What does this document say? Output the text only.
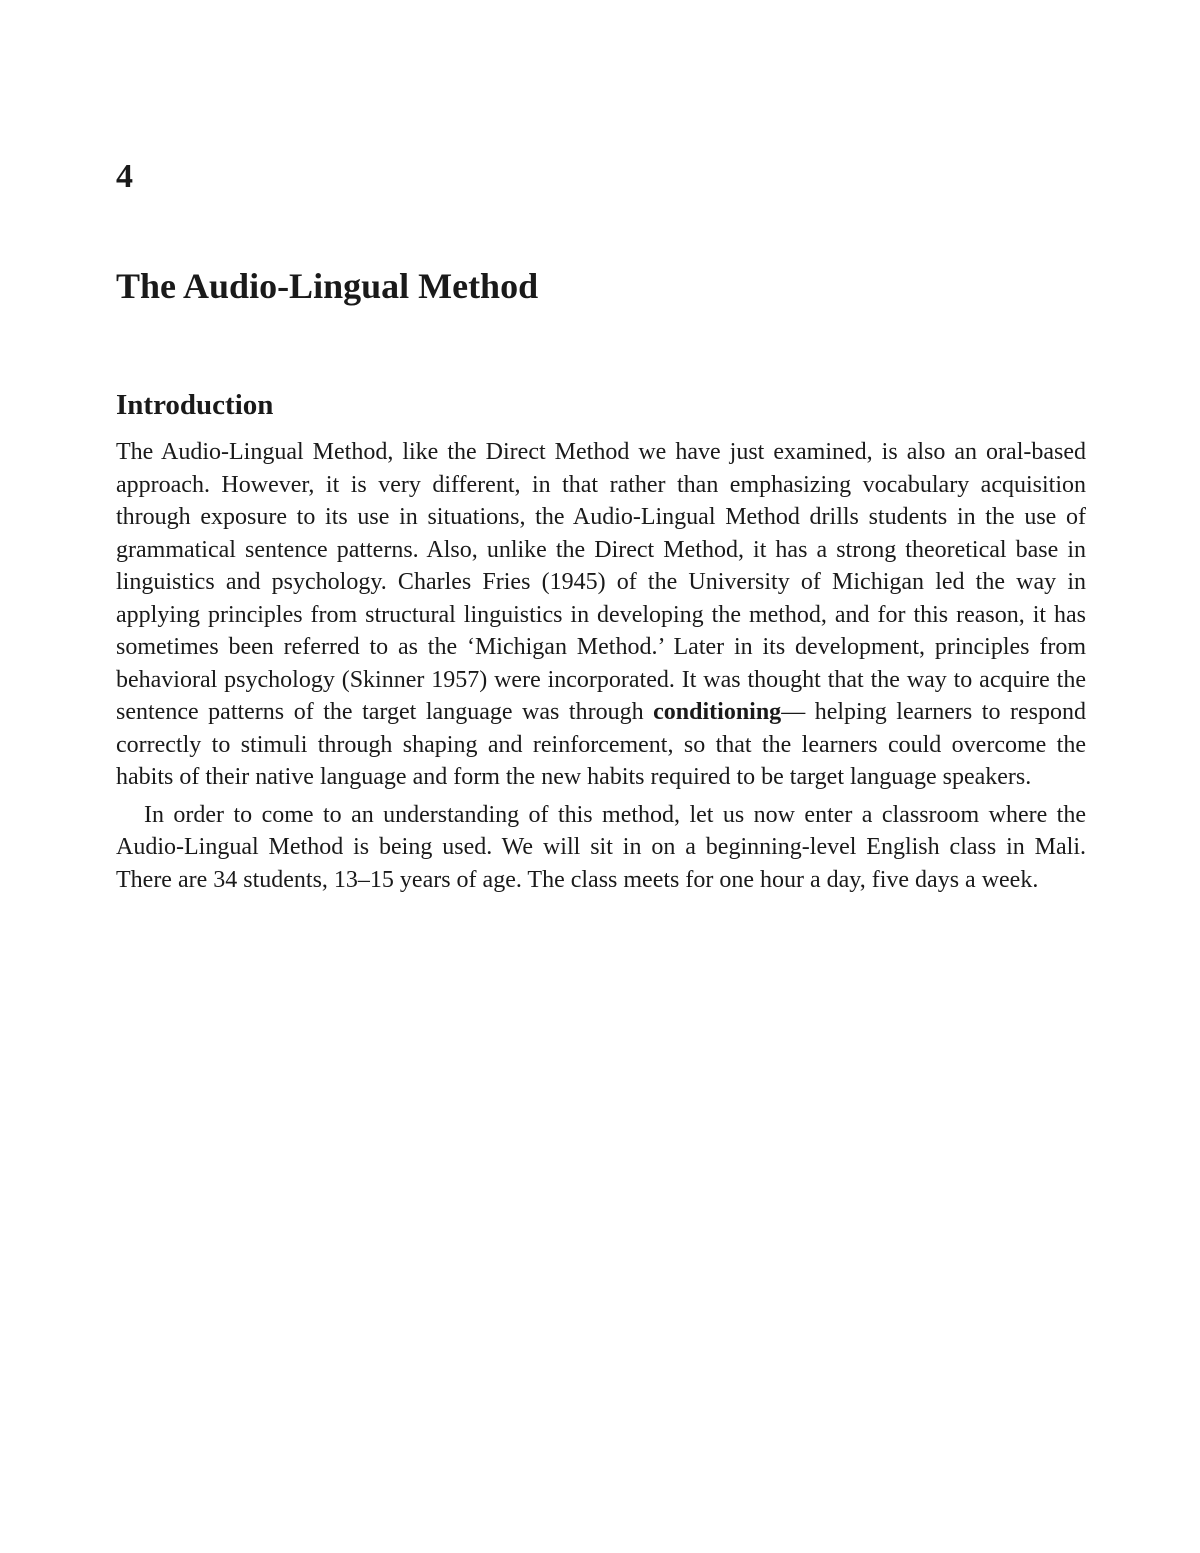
4
The Audio-Lingual Method
Introduction

The Audio-Lingual Method, like the Direct Method we have just examined, is also an oral-based approach. However, it is very different, in that rather than emphasizing vocabulary acquisition through exposure to its use in situations, the Audio-Lingual Method drills students in the use of grammatical sentence patterns. Also, unlike the Direct Method, it has a strong theoretical base in linguistics and psychology. Charles Fries (1945) of the University of Michigan led the way in applying principles from structural linguistics in developing the method, and for this reason, it has sometimes been referred to as the ‘Michigan Method.’ Later in its development, principles from behavioral psychology (Skinner 1957) were incorporated. It was thought that the way to acquire the sentence patterns of the target language was through conditioning— helping learners to respond correctly to stimuli through shaping and reinforcement, so that the learners could overcome the habits of their native language and form the new habits required to be target language speakers.

In order to come to an understanding of this method, let us now enter a classroom where the Audio-Lingual Method is being used. We will sit in on a beginning-level English class in Mali. There are 34 students, 13–15 years of age. The class meets for one hour a day, five days a week.
